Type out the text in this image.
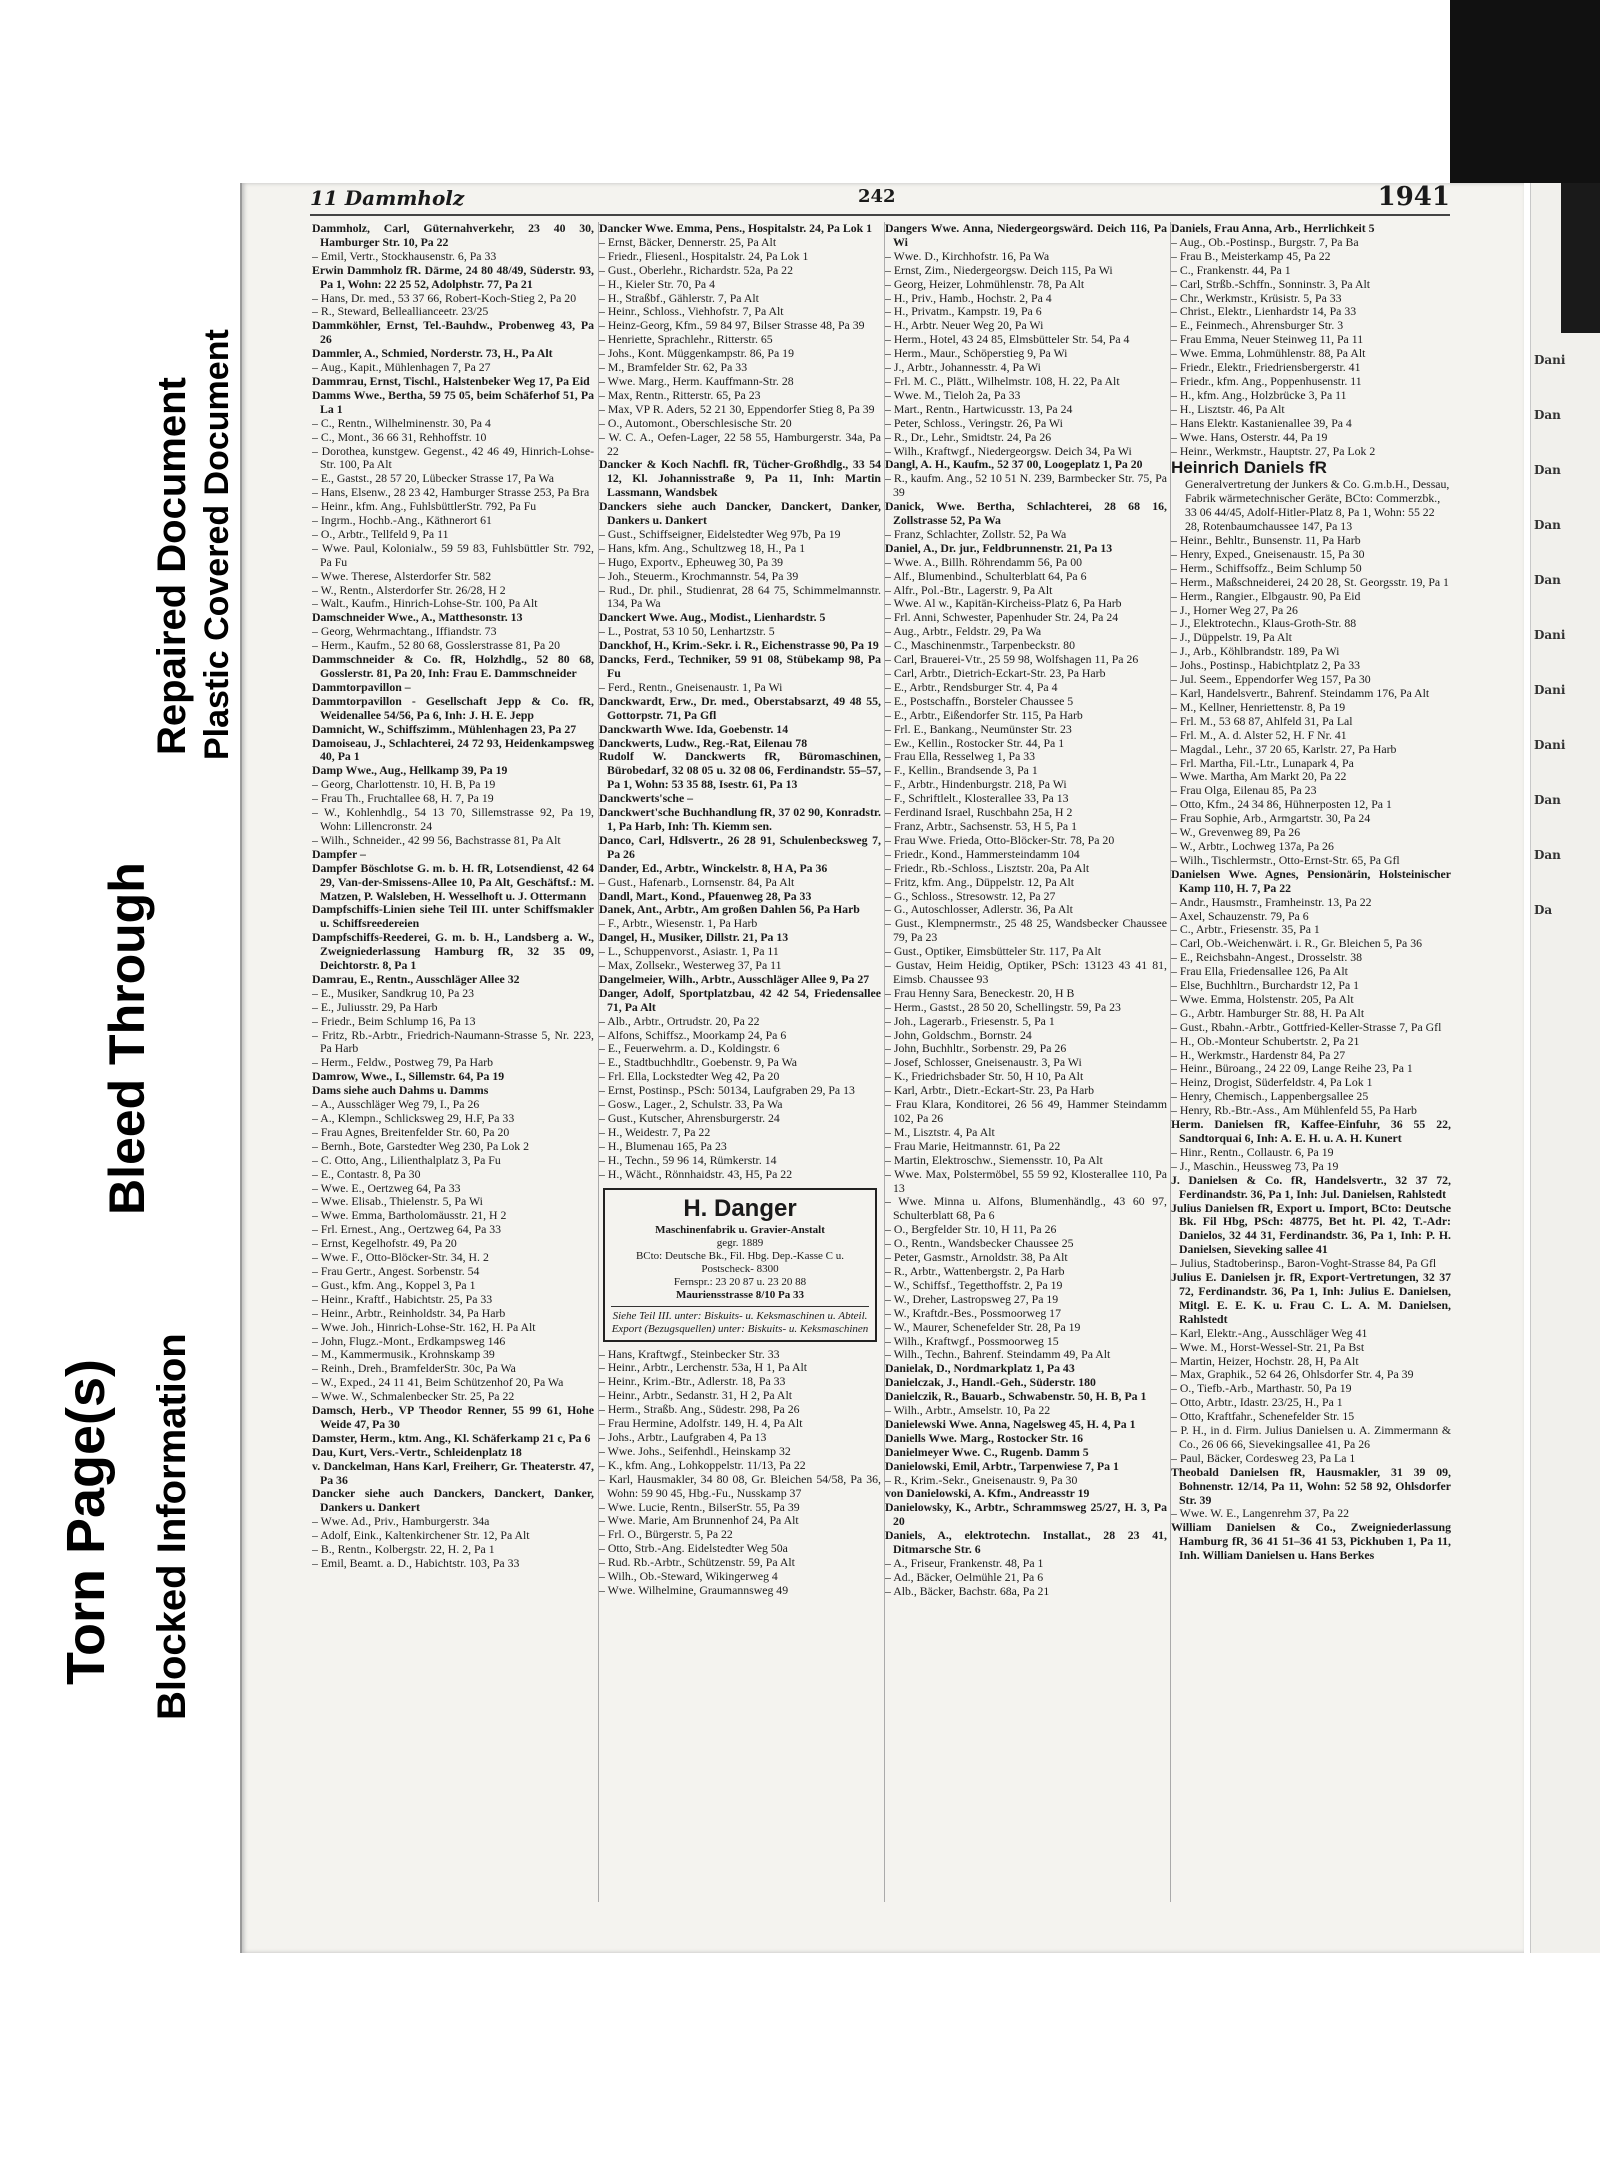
Torn Page(s)
Bleed Through
Blocked Information
Repaired Document Plastic Covered Document	Dani
Dan
Dan
Dan
Dan
Dani
Dani
Dani
Dan
Dan
Da
11 Dammholz	242	1941

Dammholz, Carl, Güternahverkehr, 23 40 30, Hamburger Str. 10, Pa 22

– Emil, Vertr., Stockhausenstr. 6, Pa 33

Erwin Dammholz fR. Därme, 24 80 48/49, Süderstr. 93, Pa 1, Wohn: 22 25 52, Adolphstr. 77, Pa 21

– Hans, Dr. med., 53 37 66, Robert-Koch-Stieg 2, Pa 20

– R., Steward, Belleallianceetr. 23/25

Dammköhler, Ernst, Tel.-Bauhdw., Probenweg 43, Pa 26

Dammler, A., Schmied, Norderstr. 73, H., Pa Alt

– Aug., Kapit., Mühlenhagen 7, Pa 27

Dammrau, Ernst, Tischl., Halstenbeker Weg 17, Pa Eid

Damms Wwe., Bertha, 59 75 05, beim Schäferhof 51, Pa La 1

– C., Rentn., Wilhelminenstr. 30, Pa 4

– C., Mont., 36 66 31, Rehhoffstr. 10

– Dorothea, kunstgew. Gegenst., 42 46 49, Hinrich-Lohse-Str. 100, Pa Alt

– E., Gastst., 28 57 20, Lübecker Strasse 17, Pa Wa

– Hans, Elsenw., 28 23 42, Hamburger Strasse 253, Pa Bra

– Heinr., kfm. Ang., FuhlsbüttlerStr. 792, Pa Fu

– Ingrm., Hochb.-Ang., Käthnerort 61

– O., Arbtr., Tellfeld 9, Pa 11

– Wwe. Paul, Kolonialw., 59 59 83, Fuhlsbüttler Str. 792, Pa Fu

– Wwe. Therese, Alsterdorfer Str. 582

– W., Rentn., Alsterdorfer Str. 26/28, H 2

– Walt., Kaufm., Hinrich-Lohse-Str. 100, Pa Alt

Damschneider Wwe., A., Matthesonstr. 13

– Georg, Wehrmachtang., Iffiandstr. 73

– Herm., Kaufm., 52 80 68, Gosslerstrasse 81, Pa 20

Dammschneider & Co. fR, Holzhdlg., 52 80 68, Gosslerstr. 81, Pa 20, Inh: Frau E. Dammschneider

Dammtorpavillon –

Dammtorpavillon - Gesellschaft Jepp & Co. fR, Weidenallee 54/56, Pa 6, Inh: J. H. E. Jepp

Damnicht, W., Schiffszimm., Mühlenhagen 23, Pa 27

Damoiseau, J., Schlachterei, 24 72 93, Heidenkampsweg 40, Pa 1

Damp Wwe., Aug., Hellkamp 39, Pa 19

– Georg, Charlottenstr. 10, H. B, Pa 19

– Frau Th., Fruchtallee 68, H. 7, Pa 19

– W., Kohlenhdlg., 54 13 70, Sillemstrasse 92, Pa 19, Wohn: Lillencronstr. 24

– Wilh., Schneider., 42 99 56, Bachstrasse 81, Pa Alt

Dampfer –

Dampfer Böschlotse G. m. b. H. fR, Lotsendienst, 42 64 29, Van-der-Smissens-Allee 10, Pa Alt, Geschäftsf.: M. Matzen, P. Walsleben, H. Wesselhoft u. J. Ottermann

Dampfschiffs-Linien siehe Teil III. unter Schiffsmakler u. Schiffsreedereien

Dampfschiffs-Reederei, G. m. b. H., Landsberg a. W., Zweigniederlassung Hamburg fR, 32 35 09, Deichtorstr. 8, Pa 1

Damrau, E., Rentn., Ausschläger Allee 32

– E., Musiker, Sandkrug 10, Pa 23

– E., Juliusstr. 29, Pa Harb

– Friedr., Beim Schlump 16, Pa 13

– Fritz, Rb.-Arbtr., Friedrich-Naumann-Strasse 5, Nr. 223, Pa Harb

– Herm., Feldw., Postweg 79, Pa Harb

Damrow, Wwe., I., Sillemstr. 64, Pa 19

Dams siehe auch Dahms u. Damms

– A., Ausschläger Weg 79, I., Pa 26

– A., Klempn., Schlicksweg 29, H.F, Pa 33

– Frau Agnes, Breitenfelder Str. 60, Pa 20

– Bernh., Bote, Garstedter Weg 230, Pa Lok 2

– C. Otto, Ang., Lilienthalplatz 3, Pa Fu

– E., Contastr. 8, Pa 30

– Wwe. E., Oertzweg 64, Pa 33

– Wwe. Elisab., Thielenstr. 5, Pa Wi

– Wwe. Emma, Bartholomäusstr. 21, H 2

– Frl. Ernest., Ang., Oertzweg 64, Pa 33

– Ernst, Kegelhofstr. 49, Pa 20

– Wwe. F., Otto-Blöcker-Str. 34, H. 2

– Frau Gertr., Angest. Sorbenstr. 54

– Gust., kfm. Ang., Koppel 3, Pa 1

– Heinr., Kraftf., Habichtstr. 25, Pa 33

– Heinr., Arbtr., Reinholdstr. 34, Pa Harb

– Wwe. Joh., Hinrich-Lohse-Str. 162, H. Pa Alt

– John, Flugz.-Mont., Erdkampsweg 146

– M., Kammermusik., Krohnskamp 39

– Reinh., Dreh., BramfelderStr. 30c, Pa Wa

– W., Exped., 24 11 41, Beim Schützenhof 20, Pa Wa

– Wwe. W., Schmalenbecker Str. 25, Pa 22

Damsch, Herb., VP Theodor Renner, 55 99 61, Hohe Weide 47, Pa 30

Damster, Herm., ktm. Ang., Kl. Schäferkamp 21 c, Pa 6

Dau, Kurt, Vers.-Vertr., Schleidenplatz 18

v. Danckelman, Hans Karl, Freiherr, Gr. Theaterstr. 47, Pa 36

Dancker siehe auch Danckers, Danckert, Danker, Dankers u. Dankert

– Wwe. Ad., Priv., Hamburgerstr. 34a

– Adolf, Eink., Kaltenkirchener Str. 12, Pa Alt

– B., Rentn., Kolbergstr. 22, H. 2, Pa 1

– Emil, Beamt. a. D., Habichtstr. 103, Pa 33

Dancker Wwe. Emma, Pens., Hospitalstr. 24, Pa Lok 1

– Ernst, Bäcker, Dennerstr. 25, Pa Alt

– Friedr., Fliesenl., Hospitalstr. 24, Pa Lok 1

– Gust., Oberlehr., Richardstr. 52a, Pa 22

– H., Kieler Str. 70, Pa 4

– H., Straßbf., Gählerstr. 7, Pa Alt

– Heinr., Schloss., Viehhofstr. 7, Pa Alt

– Heinz-Georg, Kfm., 59 84 97, Bilser Strasse 48, Pa 39

– Henriette, Sprachlehr., Ritterstr. 65

– Johs., Kont. Müggenkampstr. 86, Pa 19

– M., Bramfelder Str. 62, Pa 33

– Wwe. Marg., Herm. Kauffmann-Str. 28

– Max, Rentn., Ritterstr. 65, Pa 23

– Max, VP R. Aders, 52 21 30, Eppendorfer Stieg 8, Pa 39

– O., Automont., Oberschlesische Str. 20

– W. C. A., Oefen-Lager, 22 58 55, Hamburgerstr. 34a, Pa 22

Dancker & Koch Nachfl. fR, Tücher-Großhdlg., 33 54 12, Kl. Johannisstraße 9, Pa 11, Inh: Martin Lassmann, Wandsbek

Danckers siehe auch Dancker, Danckert, Danker, Dankers u. Dankert

– Gust., Schiffseigner, Eidelstedter Weg 97b, Pa 19

– Hans, kfm. Ang., Schultzweg 18, H., Pa 1

– Hugo, Exportv., Epheuweg 30, Pa 39

– Joh., Steuerm., Krochmannstr. 54, Pa 39

– Rud., Dr. phil., Studienrat, 28 64 75, Schimmelmannstr. 134, Pa Wa

Danckert Wwe. Aug., Modist., Lienhardstr. 5

– L., Postrat, 53 10 50, Lenhartzstr. 5

Danckhof, H., Krim.-Sekr. i. R., Eichenstrasse 90, Pa 19

Dancks, Ferd., Techniker, 59 91 08, Stübekamp 98, Pa Fu

– Ferd., Rentn., Gneisenaustr. 1, Pa Wi

Danckwardt, Erw., Dr. med., Oberstabsarzt, 49 48 55, Gottorpstr. 71, Pa Gfl

Danckwarth Wwe. Ida, Goebenstr. 14

Danckwerts, Ludw., Reg.-Rat, Eilenau 78

Rudolf W. Danckwerts fR, Büromaschinen, Bürobedarf, 32 08 05 u. 32 08 06, Ferdinandstr. 55–57, Pa 1, Wohn: 53 35 88, Isestr. 61, Pa 13

Danckwerts'sche –

Danckwert'sche Buchhandlung fR, 37 02 90, Konradstr. 1, Pa Harb, Inh: Th. Kiemm sen.

Danco, Carl, Hdlsvertr., 26 28 91, Schulenbecksweg 7, Pa 26

Dander, Ed., Arbtr., Winckelstr. 8, H A, Pa 36

– Gust., Hafenarb., Lornsenstr. 84, Pa Alt

Dandl, Mart., Kond., Pfauenweg 28, Pa 33

Danek, Ant., Arbtr., Am großen Dahlen 56, Pa Harb

– F., Arbtr., Wiesenstr. 1, Pa Harb

Dangel, H., Musiker, Dillstr. 21, Pa 13

– L., Schuppenvorst., Asiastr. 1, Pa 11

– Max, Zollsekr., Westerweg 37, Pa 11

Dangelmeier, Wilh., Arbtr., Ausschläger Allee 9, Pa 27

Danger, Adolf, Sportplatzbau, 42 42 54, Friedensallee 71, Pa Alt

– Alb., Arbtr., Ortrudstr. 20, Pa 22

– Alfons, Schiffsz., Moorkamp 24, Pa 6

– E., Feuerwehrm. a. D., Koldingstr. 6

– E., Stadtbuchhdltr., Goebenstr. 9, Pa Wa

– Frl. Ella, Lockstedter Weg 42, Pa 20

– Ernst, Postinsp., PSch: 50134, Laufgraben 29, Pa 13

– Gosw., Lager., 2, Schulstr. 33, Pa Wa

– Gust., Kutscher, Ahrensburgerstr. 24

– H., Weidestr. 7, Pa 22

– H., Blumenau 165, Pa 23

– H., Techn., 59 96 14, Rümkerstr. 14

– H., Wächt., Rönnhaidstr. 43, H5, Pa 22

H. Danger
Maschinenfabrik u. Gravier-Anstalt
gegr. 1889
BCto: Deutsche Bk., Fil. Hbg. Dep.-Kasse C u. Postscheck- 8300
Fernspr.: 23 20 87 u. 23 20 88
Mauriensstrasse 8/10 Pa 33
Siehe Teil III. unter: Biskuits- u. Keksmaschinen u. Abteil. Export (Bezugsquellen) unter: Biskuits- u. Keksmaschinen

– Hans, Kraftwgf., Steinbecker Str. 33

– Heinr., Arbtr., Lerchenstr. 53a, H 1, Pa Alt

– Heinr., Krim.-Btr., Adlerstr. 18, Pa 33

– Heinr., Arbtr., Sedanstr. 31, H 2, Pa Alt

– Herm., Straßb. Ang., Südestr. 298, Pa 26

– Frau Hermine, Adolfstr. 149, H. 4, Pa Alt

– Johs., Arbtr., Laufgraben 4, Pa 13

– Wwe. Johs., Seifenhdl., Heinskamp 32

– K., kfm. Ang., Lohkoppelstr. 11/13, Pa 22

– Karl, Hausmakler, 34 80 08, Gr. Bleichen 54/58, Pa 36, Wohn: 59 90 45, Hbg.-Fu., Nusskamp 37

– Wwe. Lucie, Rentn., BilserStr. 55, Pa 39

– Wwe. Marie, Am Brunnenhof 24, Pa Alt

– Frl. O., Bürgerstr. 5, Pa 22

– Otto, Strb.-Ang. Eidelstedter Weg 50a

– Rud. Rb.-Arbtr., Schützenstr. 59, Pa Alt

– Wilh., Ob.-Steward, Wikingerweg 4

– Wwe. Wilhelmine, Graumannsweg 49

Dangers Wwe. Anna, Niedergeorgswärd. Deich 116, Pa Wi

– Wwe. D., Kirchhofstr. 16, Pa Wa

– Ernst, Zim., Niedergeorgsw. Deich 115, Pa Wi

– Georg, Heizer, Lohmühlenstr. 78, Pa Alt

– H., Priv., Hamb., Hochstr. 2, Pa 4

– H., Privatm., Kampstr. 19, Pa 6

– H., Arbtr. Neuer Weg 20, Pa Wi

– Herm., Hotel, 43 24 85, Elmsbütteler Str. 54, Pa 4

– Herm., Maur., Schöperstieg 9, Pa Wi

– J., Arbtr., Johannesstr. 4, Pa Wi

– Frl. M. C., Plätt., Wilhelmstr. 108, H. 22, Pa Alt

– Wwe. M., Tieloh 2a, Pa 33

– Mart., Rentn., Hartwicusstr. 13, Pa 24

– Peter, Schloss., Veringstr. 26, Pa Wi

– R., Dr., Lehr., Smidtstr. 24, Pa 26

– Wilh., Kraftwgf., Niedergeorgsw. Deich 34, Pa Wi

Dangl, A. H., Kaufm., 52 37 00, Loogeplatz 1, Pa 20

– R., kaufm. Ang., 52 10 51 N. 239, Barmbecker Str. 75, Pa 39

Danick, Wwe. Bertha, Schlachterei, 28 68 16, Zollstrasse 52, Pa Wa

– Franz, Schlachter, Zollstr. 52, Pa Wa

Daniel, A., Dr. jur., Feldbrunnenstr. 21, Pa 13

– Wwe. A., Billh. Röhrendamm 56, Pa 00

– Alf., Blumenbind., Schulterblatt 64, Pa 6

– Alfr., Pol.-Btr., Lagerstr. 9, Pa Alt

– Wwe. Al w., Kapitän-Kircheiss-Platz 6, Pa Harb

– Frl. Anni, Schwester, Papenhuder Str. 24, Pa 24

– Aug., Arbtr., Feldstr. 29, Pa Wa

– C., Maschinenmstr., Tarpenbeckstr. 80

– Carl, Brauerei-Vtr., 25 59 98, Wolfshagen 11, Pa 26

– Carl, Arbtr., Dietrich-Eckart-Str. 23, Pa Harb

– E., Arbtr., Rendsburger Str. 4, Pa 4

– E., Postschaffn., Borsteler Chaussee 5

– E., Arbtr., Eißendorfer Str. 115, Pa Harb

– Frl. E., Bankang., Neumünster Str. 23

– Ew., Kellin., Rostocker Str. 44, Pa 1

– Frau Ella, Resselweg 1, Pa 33

– F., Kellin., Brandsende 3, Pa 1

– F., Arbtr., Hindenburgstr. 218, Pa Wi

– F., Schriftlelt., Klosterallee 33, Pa 13

– Ferdinand Israel, Ruschbahn 25a, H 2

– Franz, Arbtr., Sachsenstr. 53, H 5, Pa 1

– Frau Wwe. Frieda, Otto-Blöcker-Str. 78, Pa 20

– Friedr., Kond., Hammersteindamm 104

– Friedr., Rb.-Schloss., Lisztstr. 20a, Pa Alt

– Fritz, kfm. Ang., Düppelstr. 12, Pa Alt

– G., Schloss., Stresowstr. 12, Pa 27

– G., Autoschlosser, Adlerstr. 36, Pa Alt

– Gust., Klempnermstr., 25 48 25, Wandsbecker Chaussee 79, Pa 23

– Gust., Optiker, Eimsbütteler Str. 117, Pa Alt

– Gustav, Heim Heidig, Optiker, PSch: 13123 43 41 81, Eimsb. Chaussee 93

– Frau Henny Sara, Beneckestr. 20, H B

– Herm., Gastst., 28 50 20, Schellingstr. 59, Pa 23

– Joh., Lagerarb., Friesenstr. 5, Pa 1

– John, Goldschm., Bornstr. 24

– John, Buchhltr., Sorbenstr. 29, Pa 26

– Josef, Schlosser, Gneisenaustr. 3, Pa Wi

– K., Friedrichsbader Str. 50, H 10, Pa Alt

– Karl, Arbtr., Dietr.-Eckart-Str. 23, Pa Harb

– Frau Klara, Konditorei, 26 56 49, Hammer Steindamm 102, Pa 26

– M., Lisztstr. 4, Pa Alt

– Frau Marie, Heitmannstr. 61, Pa 22

– Martin, Elektroschw., Siemensstr. 10, Pa Alt

– Wwe. Max, Polstermöbel, 55 59 92, Klosterallee 110, Pa 13

– Wwe. Minna u. Alfons, Blumenhändlg., 43 60 97, Schulterblatt 68, Pa 6

– O., Bergfelder Str. 10, H 11, Pa 26

– O., Rentn., Wandsbecker Chaussee 25

– Peter, Gasmstr., Arnoldstr. 38, Pa Alt

– R., Arbtr., Wattenbergstr. 2, Pa Harb

– W., Schiffsf., Tegetthoffstr. 2, Pa 19

– W., Dreher, Lastropsweg 27, Pa 19

– W., Kraftdr.-Bes., Possmoorweg 17

– W., Maurer, Schenefelder Str. 28, Pa 19

– Wilh., Kraftwgf., Possmoorweg 15

– Wilh., Techn., Bahrenf. Steindamm 49, Pa Alt

Danielak, D., Nordmarkplatz 1, Pa 43

Danielczak, J., Handl.-Geh., Süderstr. 180

Danielczik, R., Bauarb., Schwabenstr. 50, H. B, Pa 1

– Wilh., Arbtr., Amselstr. 10, Pa 22

Danielewski Wwe. Anna, Nagelsweg 45, H. 4, Pa 1

Daniells Wwe. Marg., Rostocker Str. 16

Danielmeyer Wwe. C., Rugenb. Damm 5

Danielowski, Emil, Arbtr., Tarpenwiese 7, Pa 1

– R., Krim.-Sekr., Gneisenaustr. 9, Pa 30

von Danielowski, A. Kfm., Andreasstr 19

Danielowsky, K., Arbtr., Schrammsweg 25/27, H. 3, Pa 20

Daniels, A., elektrotechn. Installat., 28 23 41, Ditmarsche Str. 6

– A., Friseur, Frankenstr. 48, Pa 1

– Ad., Bäcker, Oelmühle 21, Pa 6

– Alb., Bäcker, Bachstr. 68a, Pa 21

Daniels, Frau Anna, Arb., Herrlichkeit 5

– Aug., Ob.-Postinsp., Burgstr. 7, Pa Ba

– Frau B., Meisterkamp 45, Pa 22

– C., Frankenstr. 44, Pa 1

– Carl, Strßb.-Schffn., Sonninstr. 3, Pa Alt

– Chr., Werkmstr., Krüsistr. 5, Pa 33

– Christ., Elektr., Lienhardstr 14, Pa 33

– E., Feinmech., Ahrensburger Str. 3

– Frau Emma, Neuer Steinweg 11, Pa 11

– Wwe. Emma, Lohmühlenstr. 88, Pa Alt

– Friedr., Elektr., Friedriensbergerstr. 41

– Friedr., kfm. Ang., Poppenhusenstr. 11

– H., kfm. Ang., Holzbrücke 3, Pa 11

– H., Lisztstr. 46, Pa Alt

– Hans Elektr. Kastanienallee 39, Pa 4

– Wwe. Hans, Osterstr. 44, Pa 19

– Heinr., Werkmstr., Hauptstr. 27, Pa Lok 2

Heinrich Daniels fR
Generalvertretung der Junkers & Co. G.m.b.H., Dessau, Fabrik wärmetechnischer Geräte, BCto: Commerzbk., 33 06 44/45, Adolf-Hitler-Platz 8, Pa 1, Wohn: 55 22 28, Rotenbaumchaussee 147, Pa 13

– Heinr., Behltr., Bunsenstr. 11, Pa Harb

– Henry, Exped., Gneisenaustr. 15, Pa 30

– Herm., Schiffsoffz., Beim Schlump 50

– Herm., Maßschneiderei, 24 20 28, St. Georgsstr. 19, Pa 1

– Herm., Rangier., Elbgaustr. 90, Pa Eid

– J., Horner Weg 27, Pa 26

– J., Elektrotechn., Klaus-Groth-Str. 88

– J., Düppelstr. 19, Pa Alt

– J., Arb., Köhlbrandstr. 189, Pa Wi

– Johs., Postinsp., Habichtplatz 2, Pa 33

– Jul. Seem., Eppendorfer Weg 157, Pa 30

– Karl, Handelsvertr., Bahrenf. Steindamm 176, Pa Alt

– M., Kellner, Henriettenstr. 8, Pa 19

– Frl. M., 53 68 87, Ahlfeld 31, Pa Lal

– Frl. M., A. d. Alster 52, H. F Nr. 41

– Magdal., Lehr., 37 20 65, Karlstr. 27, Pa Harb

– Frl. Martha, Fil.-Ltr., Lunapark 4, Pa

– Wwe. Martha, Am Markt 20, Pa 22

– Frau Olga, Eilenau 85, Pa 23

– Otto, Kfm., 24 34 86, Hühnerposten 12, Pa 1

– Frau Sophie, Arb., Armgartstr. 30, Pa 24

– W., Grevenweg 89, Pa 26

– W., Arbtr., Lochweg 137a, Pa 26

– Wilh., Tischlermstr., Otto-Ernst-Str. 65, Pa Gfl

Danielsen Wwe. Agnes, Pensionärin, Holsteinischer Kamp 110, H. 7, Pa 22

– Andr., Hausmstr., Framheinstr. 13, Pa 22

– Axel, Schauzenstr. 79, Pa 6

– C., Arbtr., Friesenstr. 35, Pa 1

– Carl, Ob.-Weichenwärt. i. R., Gr. Bleichen 5, Pa 36

– E., Reichsbahn-Angest., Drosselstr. 38

– Frau Ella, Friedensallee 126, Pa Alt

– Else, Buchhltrn., Burchardstr 12, Pa 1

– Wwe. Emma, Holstenstr. 205, Pa Alt

– G., Arbtr. Hamburger Str. 88, H. Pa Alt

– Gust., Rbahn.-Arbtr., Gottfried-Keller-Strasse 7, Pa Gfl

– H., Ob.-Monteur Schubertstr. 2, Pa 21

– H., Werkmstr., Hardenstr 84, Pa 27

– Heinr., Büroang., 24 22 09, Lange Reihe 23, Pa 1

– Heinz, Drogist, Süderfeldstr. 4, Pa Lok 1

– Henry, Chemisch., Lappenbergsallee 25

– Henry, Rb.-Btr.-Ass., Am Mühlenfeld 55, Pa Harb

Herm. Danielsen fR, Kaffee-Einfuhr, 36 55 22, Sandtorquai 6, Inh: A. E. H. u. A. H. Kunert

– Hinr., Rentn., Collaustr. 6, Pa 19

– J., Maschin., Heussweg 73, Pa 19

J. Danielsen & Co. fR, Handelsvertr., 32 37 72, Ferdinandstr. 36, Pa 1, Inh: Jul. Danielsen, Rahlstedt

Julius Danielsen fR, Export u. Import, BCto: Deutsche Bk. Fil Hbg, PSch: 48775, Bet ht. Pl. 42, T.-Adr: Danielos, 32 44 31, Ferdinandstr. 36, Pa 1, Inh: P. H. Danielsen, Sieveking sallee 41

– Julius, Stadtoberinsp., Baron-Voght-Strasse 84, Pa Gfl

Julius E. Danielsen jr. fR, Export-Vertretungen, 32 37 72, Ferdinandstr. 36, Pa 1, Inh: Julius E. Danielsen, Mitgl. E. E. K. u. Frau C. L. A. M. Danielsen, Rahlstedt

– Karl, Elektr.-Ang., Ausschläger Weg 41

– Wwe. M., Horst-Wessel-Str. 21, Pa Bst

– Martin, Heizer, Hochstr. 28, H, Pa Alt

– Max, Graphik., 52 64 26, Ohlsdorfer Str. 4, Pa 39

– O., Tiefb.-Arb., Marthastr. 50, Pa 19

– Otto, Arbtr., Idastr. 23/25, H., Pa 1

– Otto, Kraftfahr., Schenefelder Str. 15

– P. H., in d. Firm. Julius Danielsen u. A. Zimmermann & Co., 26 06 66, Sievekingsallee 41, Pa 26

– Paul, Bäcker, Cordesweg 23, Pa La 1

Theobald Danielsen fR, Hausmakler, 31 39 09, Bohnenstr. 12/14, Pa 11, Wohn: 52 58 92, Ohlsdorfer Str. 39

– Wwe. W. E., Langenrehm 37, Pa 22

William Danielsen & Co., Zweigniederlassung Hamburg fR, 36 41 51–36 41 53, Pickhuben 1, Pa 11, Inh. William Danielsen u. Hans Berkes
